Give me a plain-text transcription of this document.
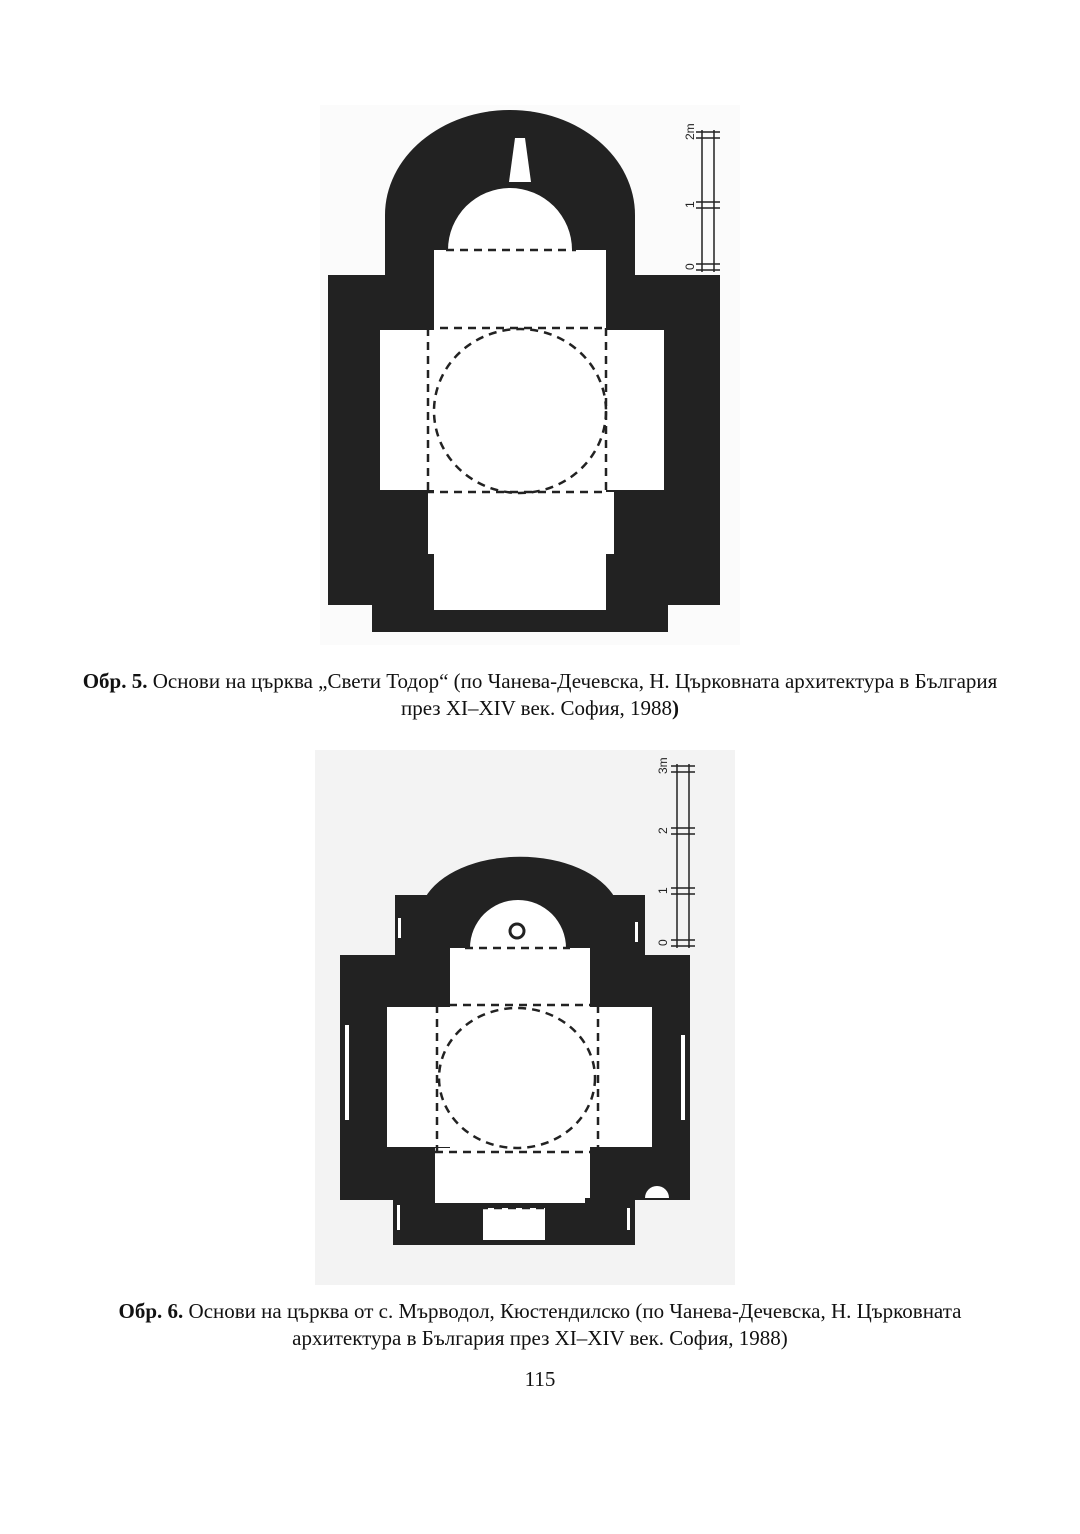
0
1
2m
Обр. 5. Основи на църква „Свети Тодор“ (по Чанева-Дечевска, Н. Църковната архитектура в България през XI–XIV век. София, 1988)
0
1
2
3m
Обр. 6. Основи на църква от с. Мърводол, Кюстендилско (по Чанева-Дечевска, Н. Църковната архитектура в България през XI–XIV век. София, 1988)
115
